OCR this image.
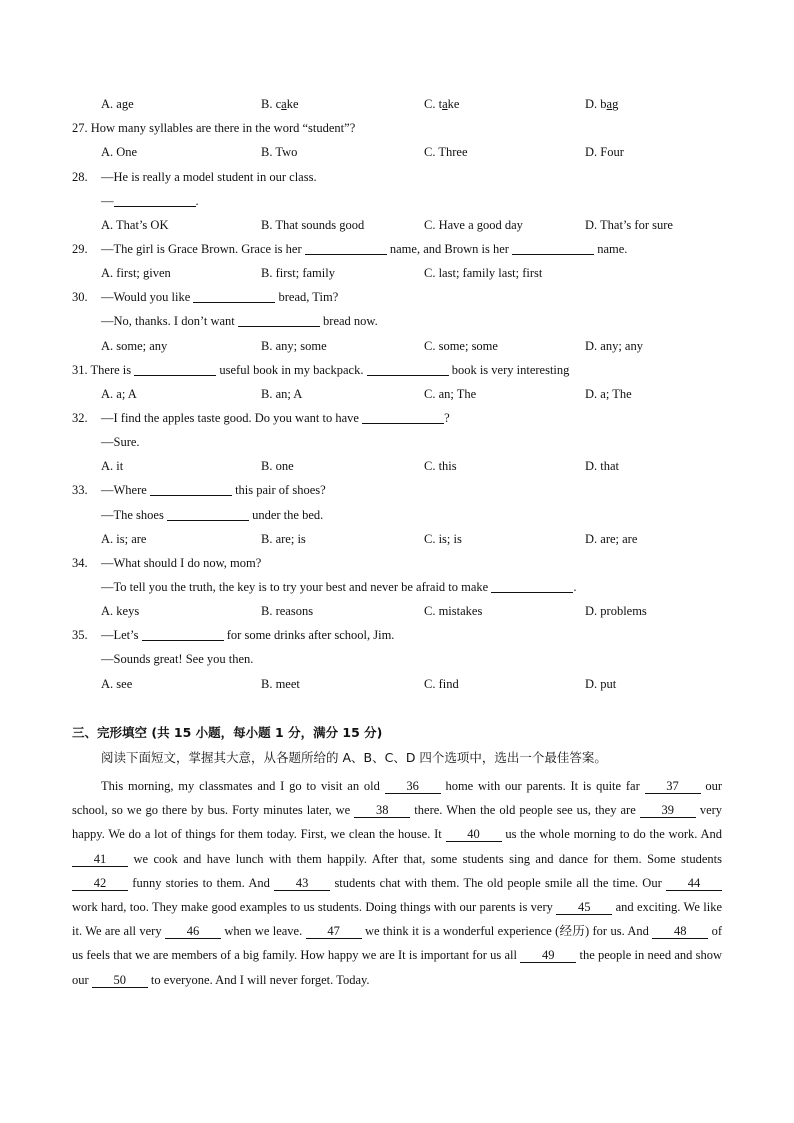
A. age	B. cake	C. take	D. bag
27. How many syllables are there in the word “student”?
A. One	B. Two	C. Three	D. Four
28. —He is really a model student in our class.
—	.
A. That’s OK	B. That sounds good	C. Have a good day	D. That’s for sure
29. —The girl is Grace Brown. Grace is her	name, and Brown is her	name.
A. first; given	B. first; family	C. last; family last; first
30. —Would you like	bread, Tim?
—No, thanks. I don’t want	bread now.
A. some; any	B. any; some	C. some; some	D. any; any
31. There is	useful book in my backpack.	book is very interesting
A. a; A	B. an; A	C. an; The	D. a; The
32. —I find the apples taste good. Do you want to have	?
—Sure.
A. it	B. one	C. this	D. that
33. —Where	this pair of shoes?
—The shoes	under the bed.
A. is; are	B. are; is	C. is; is	D. are; are
34. —What should I do now, mom?
—To tell you the truth, the key is to try your best and never be afraid to make	.
A. keys	B. reasons	C. mistakes	D. problems
35. —Let’s	for some drinks after school, Jim.
—Sounds great! See you then.
A. see	B. meet	C. find	D. put
三、完形填空 (共 15 小题，每小题 1 分，满分 15 分)
阅读下面短文，掌握其大意，从各题所给的 A、B、C、D 四个选项中，选出一个最佳答案。
This morning, my classmates and I go to visit an old 36 home with our parents. It is quite far 37 our school, so we go there by bus. Forty minutes later, we 38 there. When the old people see us, they are 39 very happy. We do a lot of things for them today. First, we clean the house. It 40 us the whole morning to do the work. And 41 we cook and have lunch with them happily. After that, some students sing and dance for them. Some students 42 funny stories to them. And 43 students chat with them. The old people smile all the time. Our 44 work hard, too. They make good examples to us students. Doing things with our parents is very 45 and exciting. We like it. We are all very 46 when we leave. 47 we think it is a wonderful experience (经历) for us. And 48 of us feels that we are members of a big family. How happy we are It is important for us all 49 the people in need and show our 50 to everyone. And I will never forget. Today.
